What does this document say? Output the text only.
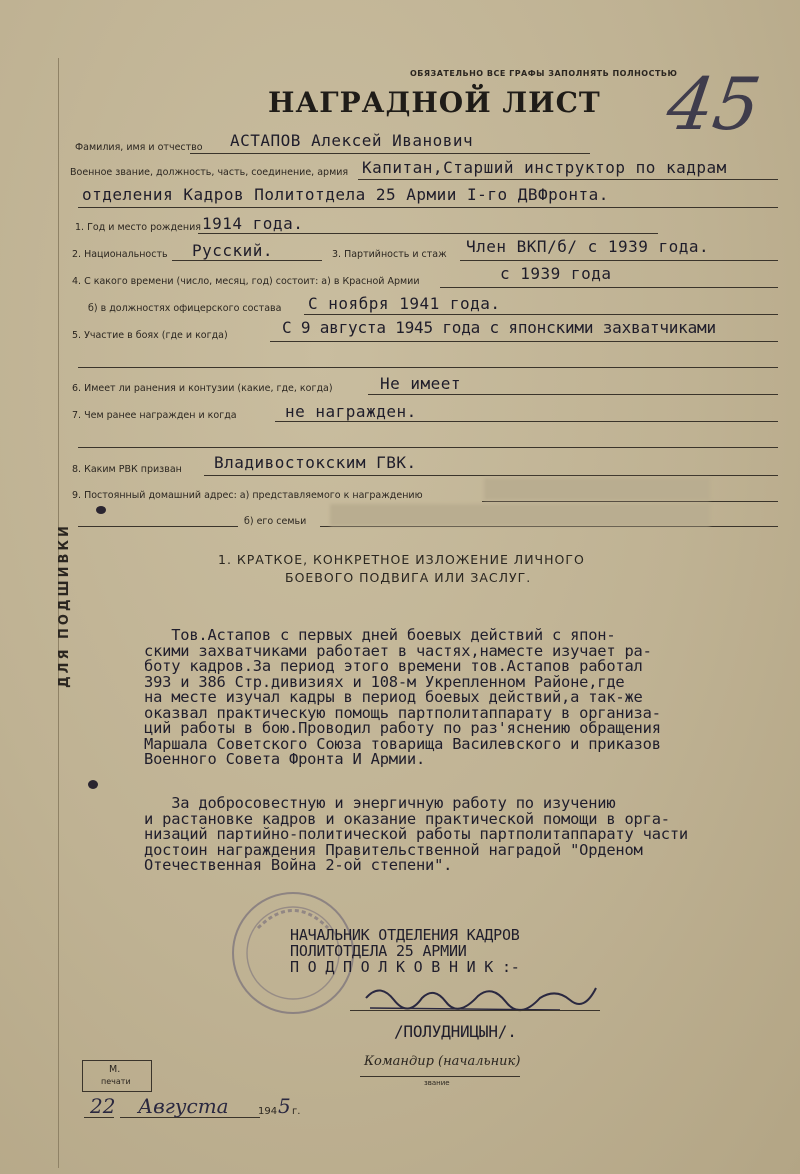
ДЛЯ ПОДШИВКИ
ОБЯЗАТЕЛЬНО ВСЕ ГРАФЫ ЗАПОЛНЯТЬ ПОЛНОСТЬЮ
НАГРАДНОЙ ЛИСТ 45
Фамилия, имя и отчество АСТАПОВ Алексей Иванович
Военное звание, должность, часть, соединение, армия Капитан,Старший инструктор по кадрам
отделения Кадров Политотдела 25 Армии I-го ДВФронта.
1. Год и место рождения 1914 года.
2. Национальность Русский.	3. Партийность и стаж Член ВКП/б/ с 1939 года.
4. С какого времени (число, месяц, год) состоит: а) в Красной Армии	с 1939 года
б) в должностях офицерского состава С ноября 1941 года.
5. Участие в боях (где и когда)	С 9 августа 1945 года с японскими захватчиками
6. Имеет ли ранения и контузии (какие, где, когда)	Не имеет
7. Чем ранее награжден и когда	не награжден.
8. Каким РВК призван Владивостокским ГВК.
9. Постоянный домашний адрес: а) представляемого к награждению
б) его семьи
1. КРАТКОЕ, КОНКРЕТНОЕ ИЗЛОЖЕНИЕ ЛИЧНОГО
БОЕВОГО ПОДВИГА ИЛИ ЗАСЛУГ.
Тов.Астапов с первых дней боевых действий с япон-
скими захватчиками работает в частях,наместе изучает ра-
боту кадров.За период этого времени тов.Астапов работал
393 и 386 Стр.дивизиях и 108-м Укрепленном Районе,где
на месте изучал кадры в период боевых действий,а так-же
оказвал практическую помощь партполитаппарату в организа-
ций работы в бою.Проводил работу по раз'яснению обращения
Маршала Советского Союза товарища Василевского и приказов
Военного Совета Фронта И Армии.
За добросовестную и энергичную работу по изучению
и растановке кадров и оказание практической помощи в орга-
низаций партийно-политической работы партполитаппарату части
достоин награждения Правительственной наградой "Орденом
Отечественная Война 2-ой степени".
НАЧАЛЬНИК ОТДЕЛЕНИЯ КАДРОВ
ПОЛИТОТДЕЛА 25 АРМИИ
П О Д П О Л К О В Н И К :-
/ПОЛУДНИЦЫН/.
Командир (начальник)
звание
М.
печати
22 Августа	194 5 г.
